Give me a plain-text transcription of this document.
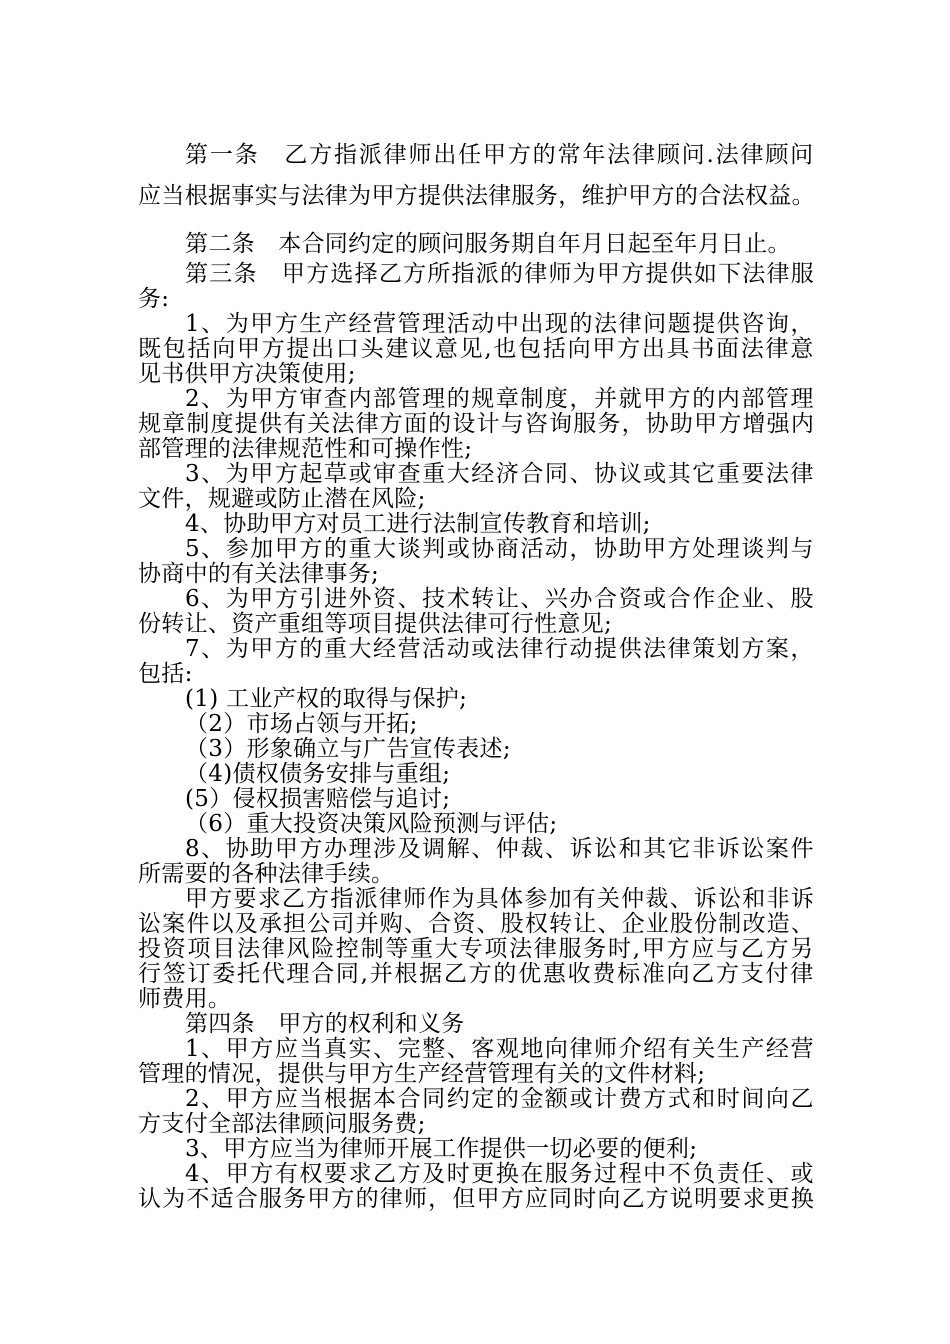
第一条　乙方指派律师出任甲方的常年法律顾问.法律顾问

应当根据事实与法律为甲方提供法律服务，维护甲方的合法权益。

第二条　本合同约定的顾问服务期自年月日起至年月日止。

第三条　甲方选择乙方所指派的律师为甲方提供如下法律服

务:

1、为甲方生产经营管理活动中出现的法律问题提供咨询，

既包括向甲方提出口头建议意见,也包括向甲方出具书面法律意

见书供甲方决策使用;

2、为甲方审查内部管理的规章制度，并就甲方的内部管理

规章制度提供有关法律方面的设计与咨询服务，协助甲方增强内

部管理的法律规范性和可操作性;

3、为甲方起草或审查重大经济合同、协议或其它重要法律

文件，规避或防止潜在风险;

4、协助甲方对员工进行法制宣传教育和培训;

5、参加甲方的重大谈判或协商活动，协助甲方处理谈判与

协商中的有关法律事务;

6、为甲方引进外资、技术转让、兴办合资或合作企业、股

份转让、资产重组等项目提供法律可行性意见;

7、为甲方的重大经营活动或法律行动提供法律策划方案，

包括:

(1) 工业产权的取得与保护;

（2）市场占领与开拓;

（3）形象确立与广告宣传表述;

（4)债权债务安排与重组;

(5）侵权损害赔偿与追讨;

（6）重大投资决策风险预测与评估;

8、协助甲方办理涉及调解、仲裁、诉讼和其它非诉讼案件

所需要的各种法律手续。

甲方要求乙方指派律师作为具体参加有关仲裁、诉讼和非诉

讼案件以及承担公司并购、合资、股权转让、企业股份制改造、

投资项目法律风险控制等重大专项法律服务时,甲方应与乙方另

行签订委托代理合同,并根据乙方的优惠收费标准向乙方支付律

师费用。

第四条　甲方的权利和义务

1、甲方应当真实、完整、客观地向律师介绍有关生产经营

管理的情况，提供与甲方生产经营管理有关的文件材料;

2、甲方应当根据本合同约定的金额或计费方式和时间向乙

方支付全部法律顾问服务费;

3、甲方应当为律师开展工作提供一切必要的便利;

4、甲方有权要求乙方及时更换在服务过程中不负责任、或

认为不适合服务甲方的律师，但甲方应同时向乙方说明要求更换
